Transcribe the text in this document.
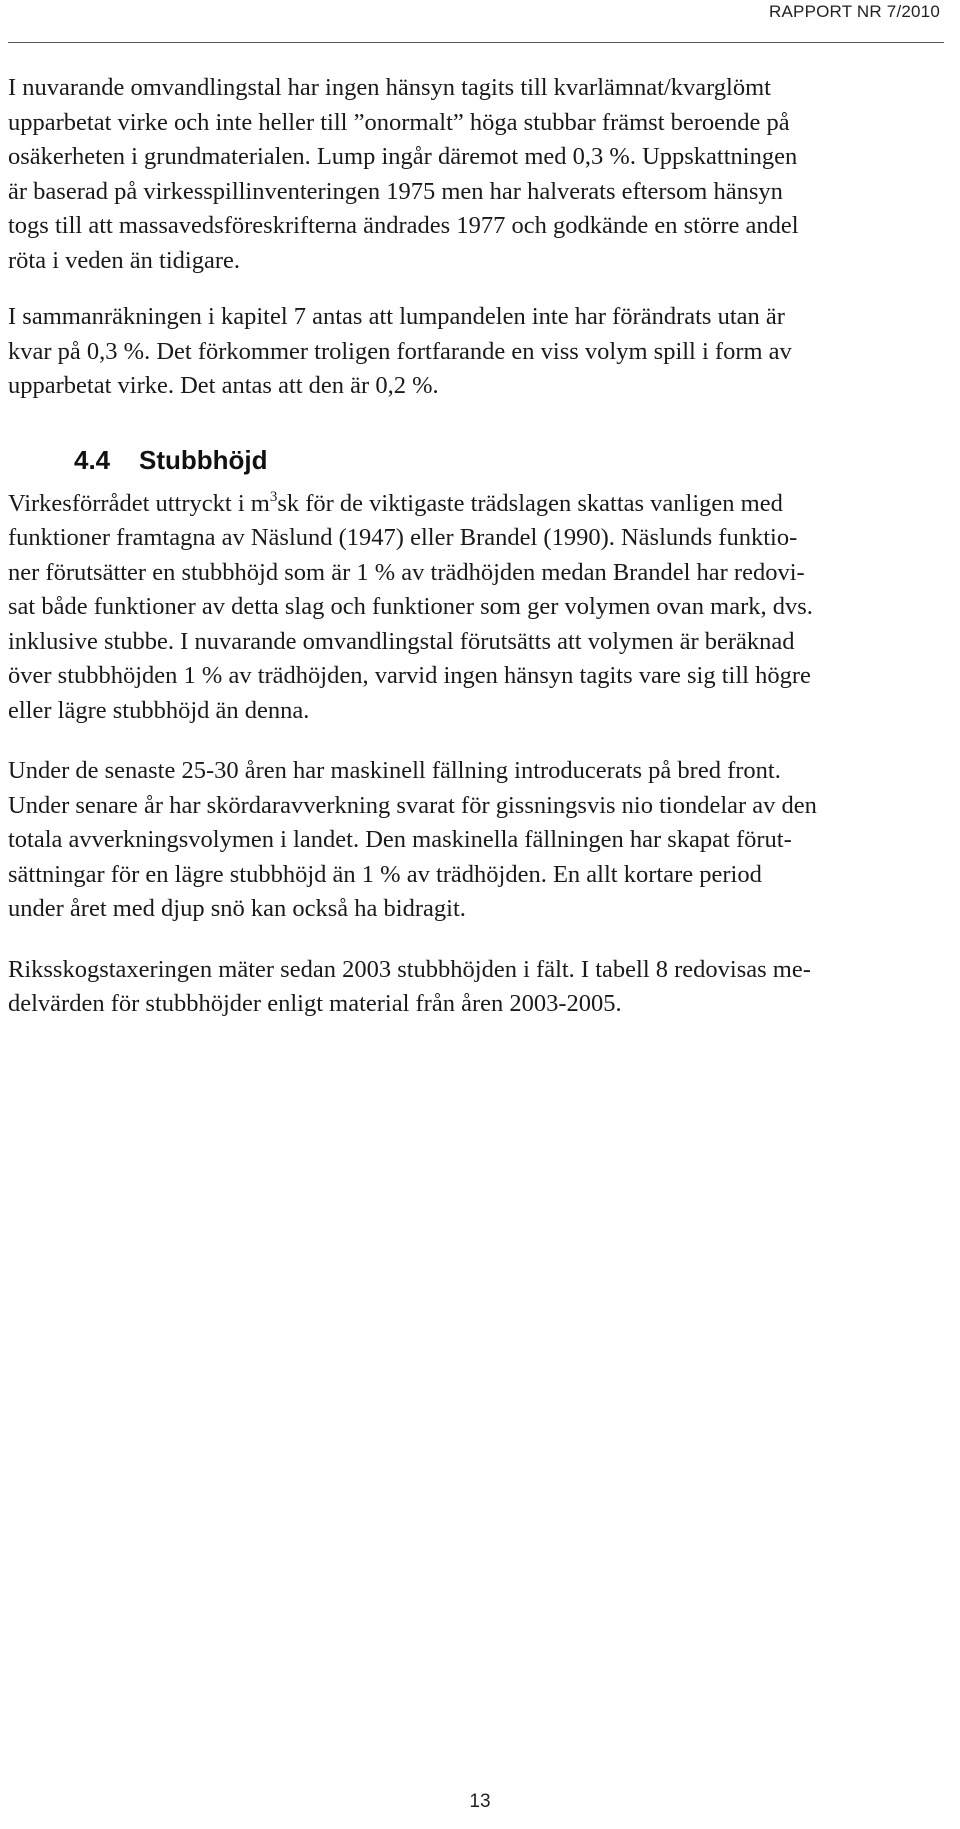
RAPPORT NR 7/2010

I nuvarande omvandlingstal har ingen hänsyn tagits till kvarlämnat/kvarglömt
upparbetat virke och inte heller till ”onormalt” höga stubbar främst beroende på
osäkerheten i grundmaterialen. Lump ingår däremot med 0,3 %. Uppskattningen
är baserad på virkesspillinventeringen 1975 men har halverats eftersom hänsyn
togs till att massavedsföreskrifterna ändrades 1977 och godkände en större andel
röta i veden än tidigare.

I sammanräkningen i kapitel 7 antas att lumpandelen inte har förändrats utan är
kvar på 0,3 %. Det förkommer troligen fortfarande en viss volym spill i form av
upparbetat virke. Det antas att den är 0,2 %.

4.4 Stubbhöjd

Virkesförrådet uttryckt i $m^3sk$ för de viktigaste trädslagen skattas vanligen med
funktioner framtagna av Näslund (1947) eller Brandel (1990). Näslunds funktio-
ner förutsätter en stubbhöjd som är 1 % av trädhöjden medan Brandel har redovi-
sat både funktioner av detta slag och funktioner som ger volymen ovan mark, dvs.
inklusive stubbe. I nuvarande omvandlingstal förutsätts att volymen är beräknad
över stubbhöjden 1 % av trädhöjden, varvid ingen hänsyn tagits vare sig till högre
eller lägre stubbhöjd än denna.

Under de senaste 25-30 åren har maskinell fällning introducerats på bred front.
Under senare år har skördaravverkning svarat för gissningsvis nio tiondelar av den
totala avverkningsvolymen i landet. Den maskinella fällningen har skapat förut-
sättningar för en lägre stubbhöjd än 1 % av trädhöjden. En allt kortare period
under året med djup snö kan också ha bidragit.

Riksskogstaxeringen mäter sedan 2003 stubbhöjden i fält. I tabell 8 redovisas me-
delvärden för stubbhöjder enligt material från åren 2003-2005.

13
